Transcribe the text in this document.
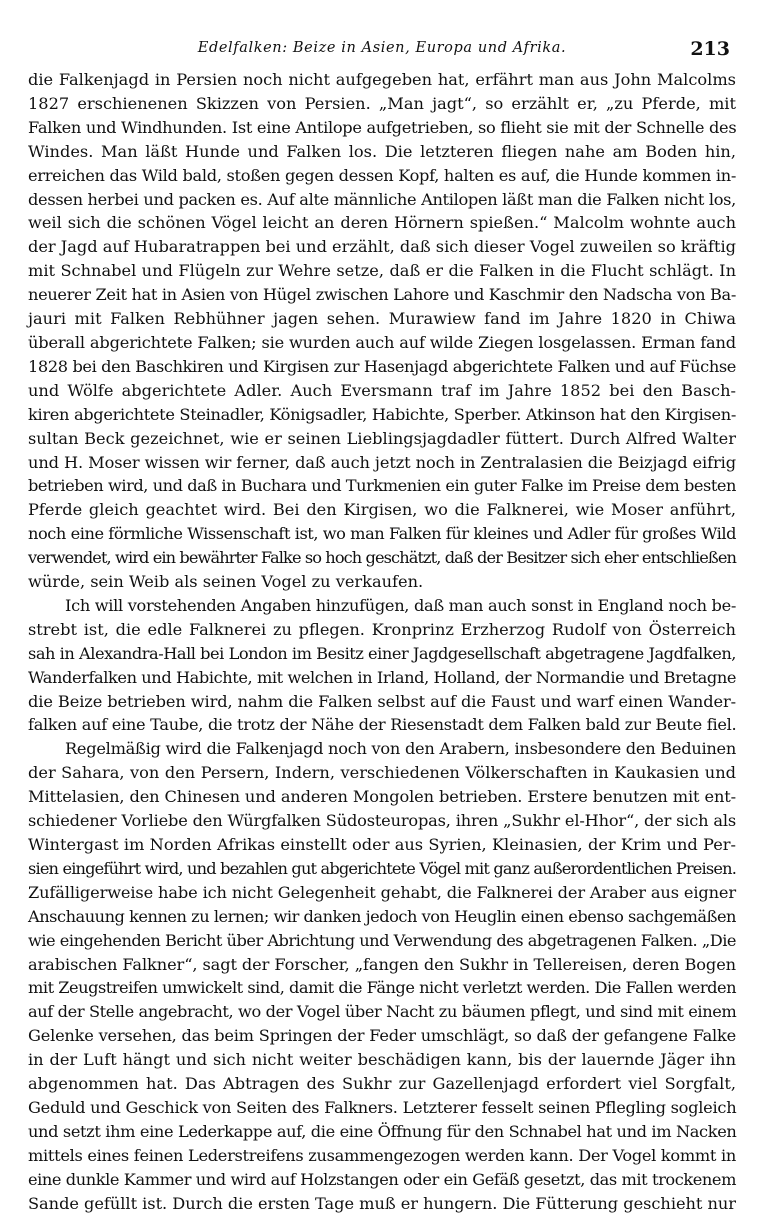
Edelfalken: Beize in Asien, Europa und Afrika.	213
die Falkenjagd in Persien noch nicht aufgegeben hat, erfährt man aus John Malcolms
1827 erschienenen Skizzen von Persien. „Man jagt“, so erzählt er, „zu Pferde, mit
Falken und Windhunden. Ist eine Antilope aufgetrieben, so flieht sie mit der Schnelle des
Windes. Man läßt Hunde und Falken los. Die letzteren fliegen nahe am Boden hin,
erreichen das Wild bald, stoßen gegen dessen Kopf, halten es auf, die Hunde kommen in-
dessen herbei und packen es. Auf alte männliche Antilopen läßt man die Falken nicht los,
weil sich die schönen Vögel leicht an deren Hörnern spießen.“ Malcolm wohnte auch
der Jagd auf Hubaratrappen bei und erzählt, daß sich dieser Vogel zuweilen so kräftig
mit Schnabel und Flügeln zur Wehre setze, daß er die Falken in die Flucht schlägt. In
neuerer Zeit hat in Asien von Hügel zwischen Lahore und Kaschmir den Nadscha von Ba-
jauri mit Falken Rebhühner jagen sehen. Murawiew fand im Jahre 1820 in Chiwa
überall abgerichtete Falken; sie wurden auch auf wilde Ziegen losgelassen. Erman fand
1828 bei den Baschkiren und Kirgisen zur Hasenjagd abgerichtete Falken und auf Füchse
und Wölfe abgerichtete Adler. Auch Eversmann traf im Jahre 1852 bei den Basch-
kiren abgerichtete Steinadler, Königsadler, Habichte, Sperber. Atkinson hat den Kirgisen-
sultan Beck gezeichnet, wie er seinen Lieblingsjagdadler füttert. Durch Alfred Walter
und H. Moser wissen wir ferner, daß auch jetzt noch in Zentralasien die Beizjagd eifrig
betrieben wird, und daß in Buchara und Turkmenien ein guter Falke im Preise dem besten
Pferde gleich geachtet wird. Bei den Kirgisen, wo die Falknerei, wie Moser anführt,
noch eine förmliche Wissenschaft ist, wo man Falken für kleines und Adler für großes Wild
verwendet, wird ein bewährter Falke so hoch geschätzt, daß der Besitzer sich eher entschließen
würde, sein Weib als seinen Vogel zu verkaufen.
Ich will vorstehenden Angaben hinzufügen, daß man auch sonst in England noch be-
strebt ist, die edle Falknerei zu pflegen. Kronprinz Erzherzog Rudolf von Österreich
sah in Alexandra-Hall bei London im Besitz einer Jagdgesellschaft abgetragene Jagdfalken,
Wanderfalken und Habichte, mit welchen in Irland, Holland, der Normandie und Bretagne
die Beize betrieben wird, nahm die Falken selbst auf die Faust und warf einen Wander-
falken auf eine Taube, die trotz der Nähe der Riesenstadt dem Falken bald zur Beute fiel.
Regelmäßig wird die Falkenjagd noch von den Arabern, insbesondere den Beduinen
der Sahara, von den Persern, Indern, verschiedenen Völkerschaften in Kaukasien und
Mittelasien, den Chinesen und anderen Mongolen betrieben. Erstere benutzen mit ent-
schiedener Vorliebe den Würgfalken Südosteuropas, ihren „Sukhr el-Hhor“, der sich als
Wintergast im Norden Afrikas einstellt oder aus Syrien, Kleinasien, der Krim und Per-
sien eingeführt wird, und bezahlen gut abgerichtete Vögel mit ganz außerordentlichen Preisen.
Zufälligerweise habe ich nicht Gelegenheit gehabt, die Falknerei der Araber aus eigner
Anschauung kennen zu lernen; wir danken jedoch von Heuglin einen ebenso sachgemäßen
wie eingehenden Bericht über Abrichtung und Verwendung des abgetragenen Falken. „Die
arabischen Falkner“, sagt der Forscher, „fangen den Sukhr in Tellereisen, deren Bogen
mit Zeugstreifen umwickelt sind, damit die Fänge nicht verletzt werden. Die Fallen werden
auf der Stelle angebracht, wo der Vogel über Nacht zu bäumen pflegt, und sind mit einem
Gelenke versehen, das beim Springen der Feder umschlägt, so daß der gefangene Falke
in der Luft hängt und sich nicht weiter beschädigen kann, bis der lauernde Jäger ihn
abgenommen hat. Das Abtragen des Sukhr zur Gazellenjagd erfordert viel Sorgfalt,
Geduld und Geschick von Seiten des Falkners. Letzterer fesselt seinen Pflegling sogleich
und setzt ihm eine Lederkappe auf, die eine Öffnung für den Schnabel hat und im Nacken
mittels eines feinen Lederstreifens zusammengezogen werden kann. Der Vogel kommt in
eine dunkle Kammer und wird auf Holzstangen oder ein Gefäß gesetzt, das mit trockenem
Sande gefüllt ist. Durch die ersten Tage muß er hungern. Die Fütterung geschieht nur
